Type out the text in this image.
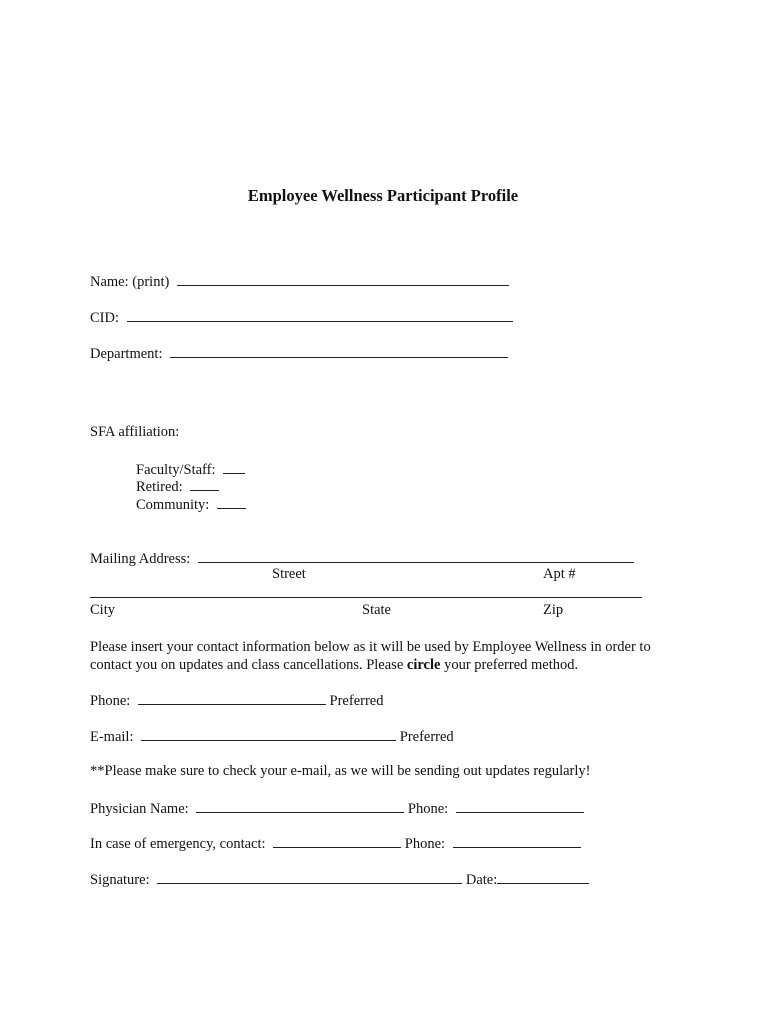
Employee Wellness Participant Profile
Name: (print)
CID:
Department:
SFA affiliation:
Faculty/Staff:
Retired:
Community:
Mailing Address:
Street	Apt #
City	State	Zip
Please insert your contact information below as it will be used by Employee Wellness in order to contact you on updates and class cancellations. Please circle your preferred method.
Phone:	Preferred
E-mail:	Preferred
**Please make sure to check your e-mail, as we will be sending out updates regularly!
Physician Name:	Phone:
In case of emergency, contact:	Phone:
Signature:	Date:
